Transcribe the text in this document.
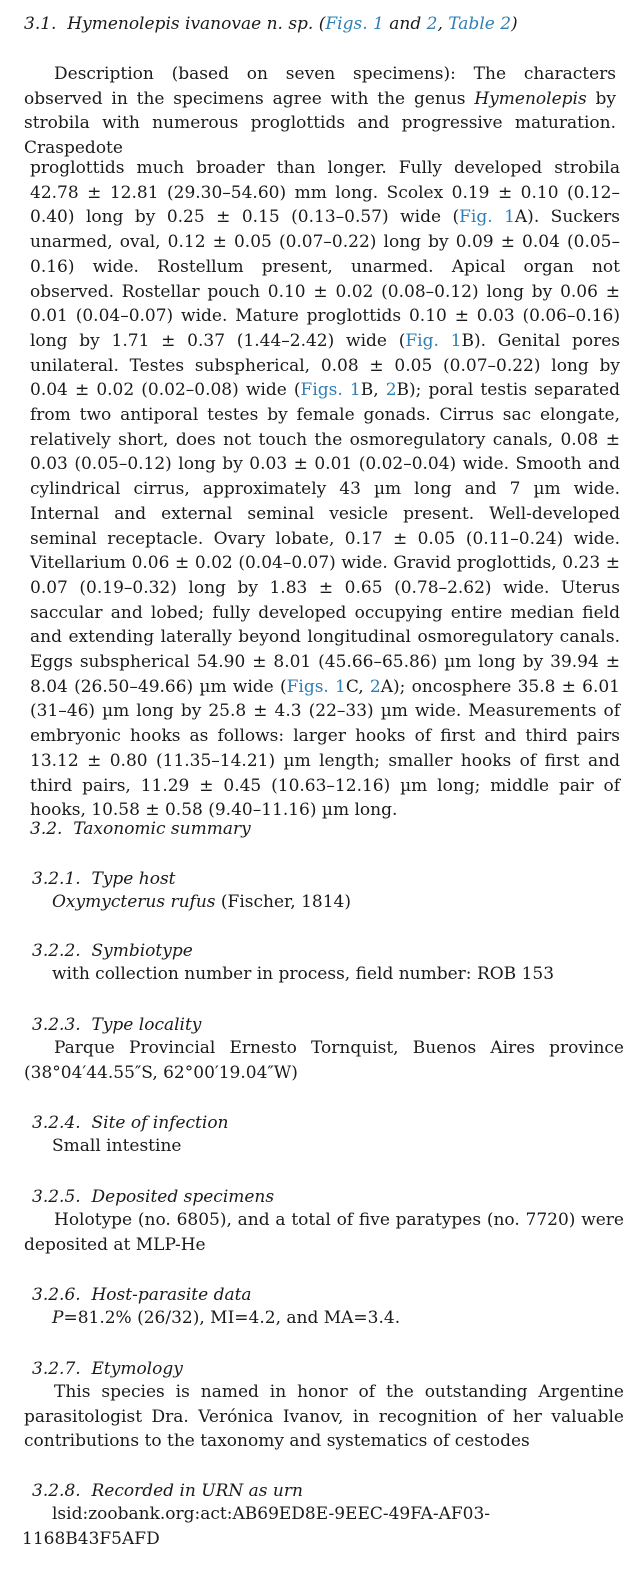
3.1. Hymenolepis ivanovae n. sp. (Figs. 1 and 2, Table 2)
Description (based on seven specimens): The characters observed in the specimens agree with the genus Hymenolepis by strobila with numerous proglottids and progressive maturation. Craspedote
proglottids much broader than longer. Fully developed strobila 42.78 ± 12.81 (29.30–54.60) mm long. Scolex 0.19 ± 0.10 (0.12–0.40) long by 0.25 ± 0.15 (0.13–0.57) wide (Fig. 1A). Suckers unarmed, oval, 0.12 ± 0.05 (0.07–0.22) long by 0.09 ± 0.04 (0.05–0.16) wide. Rostellum present, unarmed. Apical organ not observed. Rostellar pouch 0.10 ± 0.02 (0.08–0.12) long by 0.06 ± 0.01 (0.04–0.07) wide. Mature proglottids 0.10 ± 0.03 (0.06–0.16) long by 1.71 ± 0.37 (1.44–2.42) wide (Fig. 1B). Genital pores unilateral. Testes subspherical, 0.08 ± 0.05 (0.07–0.22) long by 0.04 ± 0.02 (0.02–0.08) wide (Figs. 1B, 2B); poral testis separated from two antiporal testes by female gonads. Cirrus sac elongate, relatively short, does not touch the osmoregulatory canals, 0.08 ± 0.03 (0.05–0.12) long by 0.03 ± 0.01 (0.02–0.04) wide. Smooth and cylindrical cirrus, approximately 43 µm long and 7 µm wide. Internal and external seminal vesicle present. Well-developed seminal receptacle. Ovary lobate, 0.17 ± 0.05 (0.11–0.24) wide. Vitellarium 0.06 ± 0.02 (0.04–0.07) wide. Gravid proglottids, 0.23 ± 0.07 (0.19–0.32) long by 1.83 ± 0.65 (0.78–2.62) wide. Uterus saccular and lobed; fully developed occupying entire median field and extending laterally beyond longitudinal osmoregulatory canals. Eggs subspherical 54.90 ± 8.01 (45.66–65.86) µm long by 39.94 ± 8.04 (26.50–49.66) µm wide (Figs. 1C, 2A); oncosphere 35.8 ± 6.01 (31–46) µm long by 25.8 ± 4.3 (22–33) µm wide. Measurements of embryonic hooks as follows: larger hooks of first and third pairs 13.12 ± 0.80 (11.35–14.21) µm length; smaller hooks of first and third pairs, 11.29 ± 0.45 (10.63–12.16) µm long; middle pair of hooks, 10.58 ± 0.58 (9.40–11.16) µm long.
3.2. Taxonomic summary
3.2.1. Type host
Oxymycterus rufus (Fischer, 1814)
3.2.2. Symbiotype
with collection number in process, field number: ROB 153
3.2.3. Type locality
Parque Provincial Ernesto Tornquist, Buenos Aires province (38°04′44.55″S, 62°00′19.04″W)
3.2.4. Site of infection
Small intestine
3.2.5. Deposited specimens
Holotype (no. 6805), and a total of five paratypes (no. 7720) were deposited at MLP-He
3.2.6. Host-parasite data
P=81.2% (26/32), MI=4.2, and MA=3.4.
3.2.7. Etymology
This species is named in honor of the outstanding Argentine parasitologist Dra. Verónica Ivanov, in recognition of her valuable contributions to the taxonomy and systematics of cestodes
3.2.8. Recorded in URN as urn
lsid:zoobank.org:act:AB69ED8E-9EEC-49FA-AF03-1168B43F5AFD
